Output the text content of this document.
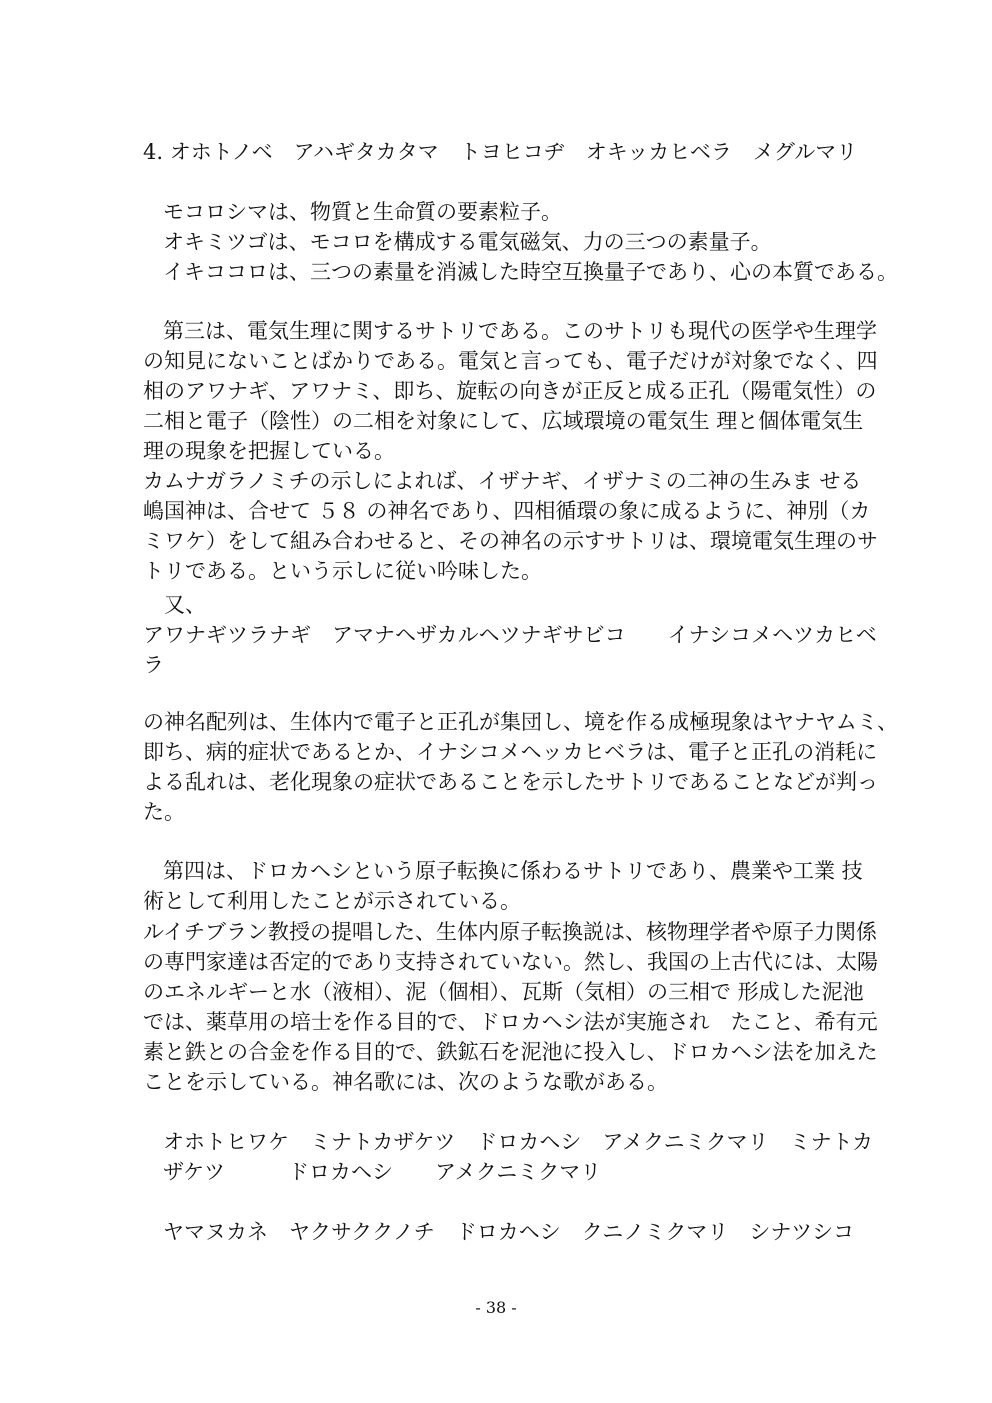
4. オホトノベ　アハギタカタマ　トヨヒコヂ　オキッカヒベラ　メグルマリ
モコロシマは、物質と生命質の要素粒子。
オキミツゴは、モコロを構成する電気磁気、力の三つの素量子。
イキココロは、三つの素量を消滅した時空互換量子であり、心の本質である。
第三は、電気生理に関するサトリである。このサトリも現代の医学や生理学
の知見にないことばかりである。電気と言っても、電子だけが対象でなく、四
相のアワナギ、アワナミ、即ち、旋転の向きが正反と成る正孔（陽電気性）の
二相と電子（陰性）の二相を対象にして、広域環境の電気生 理と個体電気生
理の現象を把握している。
カムナガラノミチの示しによれば、イザナギ、イザナミの二神の生みま せる
嶋国神は、合せて ５８ の神名であり、四相循環の象に成るように、神別（カ
ミワケ）をして組み合わせると、その神名の示すサトリは、環境電気生理のサ
トリである。という示しに従い吟味した。
　又、
アワナギツラナギ　アマナヘザカルヘツナギサビコ　　イナシコメヘツカヒベ
ラ
の神名配列は、生体内で電子と正孔が集団し、境を作る成極現象はヤナヤムミ、
即ち、病的症状であるとか、イナシコメヘッカヒベラは、電子と正孔の消耗に
よる乱れは、老化現象の症状であることを示したサトリであることなどが判っ
た。
第四は、ドロカヘシという原子転換に係わるサトリであり、農業や工業 技
術として利用したことが示されている。
ルイチブラン教授の提唱した、生体内原子転換説は、核物理学者や原子力関係
の専門家達は否定的であり支持されていない。然し、我国の上古代には、太陽
のエネルギーと水（液相）、泥（個相）、瓦斯（気相）の三相で 形成した泥池
では、薬草用の培士を作る目的で、ドロカヘシ法が実施され　たこと、希有元
素と鉄との合金を作る目的で、鉄鉱石を泥池に投入し、ドロカヘシ法を加えた
ことを示している。神名歌には、次のような歌がある。
オホトヒワケ　ミナトカザケツ　ドロカヘシ　アメクニミクマリ　ミナトカ
ザケツ　　　ドロカヘシ　　アメクニミクマリ
ヤマヌカネ　ヤクサククノチ　ドロカヘシ　クニノミクマリ　シナツシコ
- 38 -
